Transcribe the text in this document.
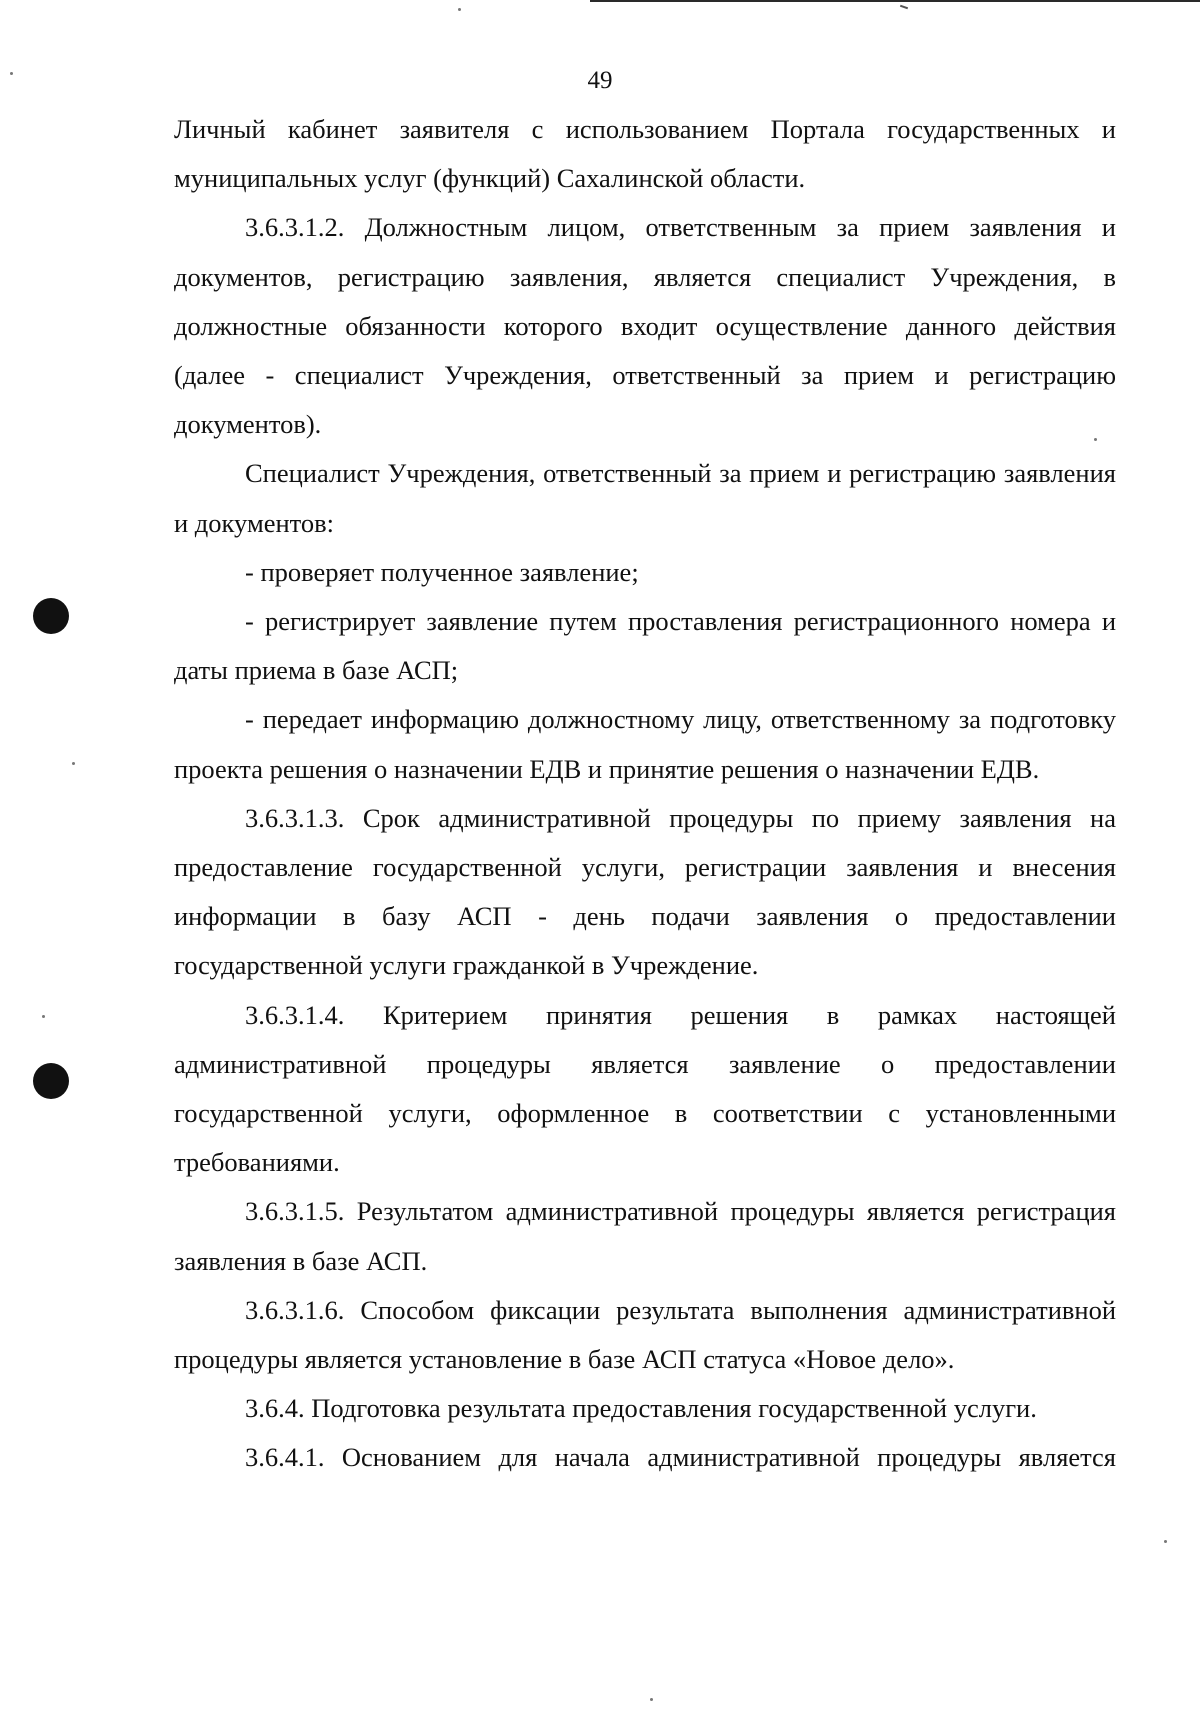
49

Личный кабинет заявителя с использованием Портала государственных и муниципальных услуг (функций) Сахалинской области.

3.6.3.1.2. Должностным лицом, ответственным за прием заявления и документов, регистрацию заявления, является специалист Учреждения, в должностные обязанности которого входит осуществление данного действия (далее - специалист Учреждения, ответственный за прием и регистрацию документов).

Специалист Учреждения, ответственный за прием и регистрацию заявления и документов:

- проверяет полученное заявление;

- регистрирует заявление путем проставления регистрационного номера и даты приема в базе АСП;

- передает информацию должностному лицу, ответственному за подготовку проекта решения о назначении ЕДВ и принятие решения о назначении ЕДВ.

3.6.3.1.3. Срок административной процедуры по приему заявления на предоставление государственной услуги, регистрации заявления и внесения информации в базу АСП - день подачи заявления о предоставлении государственной услуги гражданкой в Учреждение.

3.6.3.1.4. Критерием принятия решения в рамках настоящей административной процедуры является заявление о предоставлении государственной услуги, оформленное в соответствии с установленными требованиями.

3.6.3.1.5. Результатом административной процедуры является регистрация заявления в базе АСП.

3.6.3.1.6. Способом фиксации результата выполнения административной процедуры является установление в базе АСП статуса «Новое дело».

3.6.4. Подготовка результата предоставления государственной услуги.

3.6.4.1. Основанием для начала административной процедуры является
